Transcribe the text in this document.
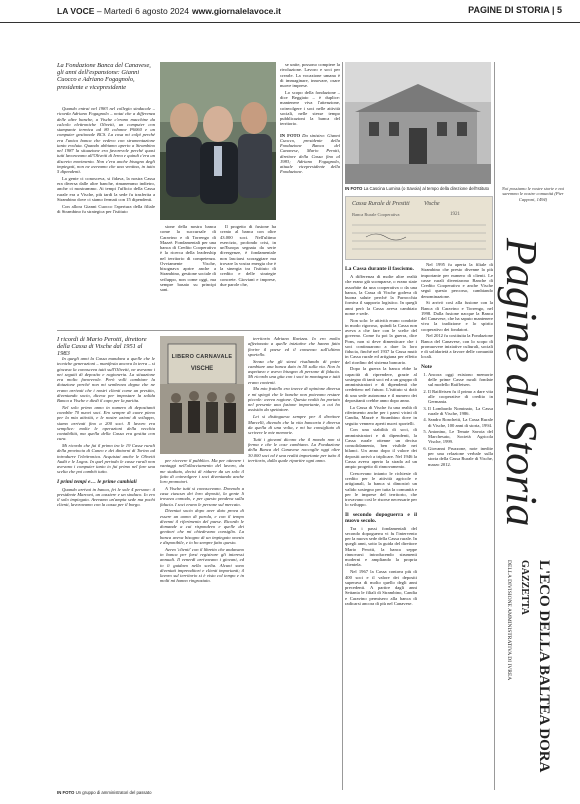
LA VOCE – Martedì 6 agosto 2024 www.giornalelavoce.it	PAGINE DI STORIA | 5
La Fondazione Banca del Canavese, gli anni dell'espansione: Gianni Cuocco e Adriano Fogagnolo, presidente e vicepresidente

Quando entrai nel 1983 nel collegio sindacale – ricorda Adriano Fogagnolo – notai che a differenza delle altre banche, a Vische c'erano macchine da calcolo elettroniche Olivetti, un computer con stampante termica ad 80 colonne P6060 e un computer gestionale BCS. La cosa mi colpì perché era l'unica banca che vedevo con strumentazione tanto evoluta. Quando abbiamo aperto a Strambino nel 1987 la situazione era favorevole perché quasi tutti lavoravano all'Olivetti di Ivrea e quindi c'era un discreto movimento. Non c'era anche bisogno degli impiegati, non ne avevamo che una ventina, in tutto 5 dipendenti.

La gente ci conosceva, si fidava, la nostra Cassa era diversa dalle altre banche, rimanemmo indietro, anche ci mostrammo. Ai tempi l'ufficio della Cassa rurale era a Vische, più tardi la sede fu trasferita a Strambino dove ci siamo fermati con 15 dipendenti.

Con allora Gianni Cuocco l'apertura della filiale di Strambino fu strategica per l'istituto

sione della nostra banca come la succursale di Caravino e di Torrengo di Mazzè. Fondamentali per una banca di Credito Cooperativo è la ricerca della leadership nel territorio di competenza. Ovviamente Vische, bisognava aprire anche a Strambino, gestione sociale di sviluppo, non come oggi, ma sempre basato su principi sani.

Il progetto di fusione ha creato al banca con oltre 43.000 soci. Nell'ultimo esercizio, profondo crisi, in un'Europa segnata da serie divergenze, è fondamentale non lasciarsi scoraggiare ma trovare la vostra energia che è la sinergia tra l'istituto di credito e delle strategie concrete. Gioviani e imprese, due parole che,

se unite, possono compiere la rivoluzione. Lavoro e soci per crearle. La vocazione umana è di immaginare, innovare, osare nuove imprese.

Lo scopo della fondazione – dice Beggiato – è duplice: mantenere viva l'attenzione, coinvolgere i soci nelle attività sociali, nelle stesse tempo pubblicazioni la banca del territorio.

IN FOTO Da sinistra: Gianni Cuocco, presidente della Fondazione Banca del Canavese, Mario Perotti, direttore della Cassa fino al 1983; Adriano Fogagnolo, attuale vicepresidente della Fondazione.

IN FOTO La Cascina Lumina (o Savoia) al tempo della direzione dell'Istituto
Cassa Rurale di Prestiti Vische
Banca Rurale Cooperativa	1921
La Cassa durante il fascismo.

A differenza di molte altre realtà che erano già scomparse, o erano state assorbite da una cooperativa o da una banca, la Cassa di Vische godeva di buona salute perché la Parrocchia forniva il supporto logistico. In quegli anni però la Cassa aveva cambiato nome e sede.

Non solo: le attività erano condotte in modo rigoroso, quindi la Cassa non aveva a che fare con le scelte del governo. Come fu poi la guerra, dice Pons, non si deve dimenticare che i soci continuarono a dare la loro fiducia, finché nel 1937 la Cassa mutò in Cassa rurale ed artigiana per effetto del riordino del sistema bancario.

Dopo la guerra la banca ebbe la capacità di riprendere, grazie al sostegno di tanti soci ed a un gruppo di amministratori e di dipendenti che credettero nel futuro. L'istituto si dotò di una sede autonoma e il numero dei depositanti crebbe anno dopo anno.

La Cassa di Vische fu una realtà di riferimento anche per i paesi vicini di Candia, Mazzè e Strambino dove in seguito vennero aperti nuovi sportelli.

Con una stabilità di soci, di amministratori e di dipendenti, la Cassa rurale ottenne un deciso consolidamento, ben visibile nei bilanci. Un anno dopo il valore dei depositi arrivò a triplicare. Nel 1946 la Cassa aveva aperto la strada ad un ampio progetto di rinnovamento.

Crescevano intanto le richieste di credito per le attività agricole e artigianali, la banca si dimostrò un valido sostegno per tutta la comunità e per le imprese del territorio, che trovavano così le risorse necessarie per lo sviluppo.

Il secondo dopoguerra e il nuovo secolo.

Tra i passi fondamentali del secondo dopoguerra vi fu l'intervento per la nuova sede della Cassa rurale. In quegli anni, sotto la guida del direttore Mario Perotti, la banca seppe rinnovarsi introducendo strumenti moderni e ampliando la propria clientela.

Nel 1967 la Cassa contava più di 400 soci e il valore dei depositi superava di molto quello degli anni precedenti. A partire dagli anni Settanta le filiali di Strambino, Candia e Caravino permisero alla banca di radicarsi ancora di più nel Canavese.

Nel 1995 fu aperta la filiale di Strambino che presto divenne la più importante per numero di clienti. Le casse rurali diventarono Banche di Credito Cooperativo e anche Vische seguì questo percorso, cambiando denominazione.

Si arrivò così alla fusione con la Banca di Caravino e Torrengo, nel 1998. Dalla fusione nacque la Banca del Canavese, che ha saputo mantenere viva la tradizione e lo spirito cooperativo dei fondatori.

Nel 2012 fu costituita la Fondazione Banca del Canavese, con lo scopo di promuovere iniziative culturali, sociali e di solidarietà a favore delle comunità locali.

Note
1. Ancora oggi esistono memorie delle prime Casse rurali fondate sul modello Raiffeisen.
2. Il Raiffeisen fu il primo a dare vita alle cooperative di credito in Germania.
3. Il Lombardo Nominato, La Cassa rurale di Vische, 1986.
4. Sandro Ronchetti, La Cassa Rurale di Vische, 100 anni di storia, 1994.
5. Antonino, Le Tenute Savoia del Marchesato, Società Agricola Vische, 1999.
6. Giovanni Pruzzone, note inedite per una relazione verbale sulla storia della Cassa Rurale di Vische, marzo 2012.
I ricordi di Mario Perotti, direttore della Cassa di Vische dal 1951 al 1983

In quegli anni la Cassa mandava a quelle che le tecniche generazioni – manifesta ancora la terra – si giocava la conosceva tutti sull'Olivetti, ne avevano i nei seguiti di deposito e ragioneria. La situazione era molto favorevole. Però volli cambiare la dotazione perché non mi sembrava degna che ne erano arrivati che i nostri clienti come un prestito, diventando socio, diceva per impostare la solida Banca a Vische e diedi il capo per la partita.

Nel solo primo anno in numero di depositanti conobbe 70 nuovi soci. Ero sempre di cuore pieno per la mia attività, e le nostre azioni di sviluppo, siamo arrivati fino a 200 soci. Il lavoro era semplice: molte le operazioni della vecchia contabilità, ma quella della Cassa era gestita con cura.

Mi ricordo che fui il primo tra le 19 Casse rurali della provincia di Cuneo e dei dintorni di Torino ad introdurre l'elettronica. Acquistai anche le Olivetti Audit e le Logos. In quel periodo le casse rurali non avevano i computer tanto io fui primo nel fare una scelta che poi cambiò tutto.

I primi tempi e… le prime cambiali

Quando arrivai in banca, fei le sole 4 persone: il presidente Marconi, un cassiere e un sindaco. Io ero il solo impiegato. Avevamo un'ampia sede ma pochi clienti, lavoravamo con la cassa per il borgo.

LIBERO CARNAVALE
VISCHE

territorio Adriano Ravizza. Io ero molto affezionato a quelle iniziative che hanno fatto fiorire il paese ed il consenso sull'ultimo sportello.

Senza che gli stessi risaltando di poter cambiare una banca dato in 50 sulla via. Non lo aspettavo e avevo bisogno di persone di fiducia. Mi ricordo una gita con i soci in montagna e tutti erano contenti.

Ma mio fratello era invece di opinione diversa e mi spiegò che le banche non potevano restare piccole: aveva ragione. Questa realtà ha portato nel presente una fusione importante, a cui ho assistito da spettatore.

Lei si distingueva sempre per il direttore Marcelli, dicendo che la vita bancaria è diversa da quella di una volta, e mi ha consigliato di scrivere le mie memorie.

Tutti i giovani dicono che il mondo non si ferma e che le cose cambiano. La Fondazione della Banca del Canavese raccoglie oggi oltre 30.000 soci ed è una realtà importante per tutto il territorio, dalla quale ripartire ogni anno.

per ricevere il pubblico. Ma per ottenere i vantaggi nell'allacciamento del lavoro, da me studiato, decisi di ridurre da un solo il fatto di coinvolgere i soci diventando anche loro promotori.

A Vische tutti si conoscevano. Dovendo a casa ciascun dei loro depositi, la gente li trovava comodo, e per questo pendeva sulla fiducia. I soci erano le persone sul mercato.

Diventai socio dopo aver dato prova di essere un uomo di parola, e con il tempo divenni il riferimento del paese. Ricordo le domande a cui rispondevo e quelle dei genitori che mi chiedevano consiglio. La banca aveva bisogno di un impiegato onesto e disponibile, e io ho sempre fatto questo.

Avevo 'clienti' con il libretto che andavano in banca per farsi registrare gli interessi annuali. Il venerdì arrivavano i giovani, ed io li guidavo nella scelta. Alcuni sono diventati imprenditori e clienti importanti; il lavoro sul territorio si è visto col tempo e in molti mi hanno ringraziato.

IN FOTO Un gruppo di amministratori del passato
Noi possiamo le vostre storie e noi saremmo le nostre comunità (Pier Capponi, 1494)
Pagine di Storia
L'ECO DELLA BALTEA DORA
GAZZETTA
DELLA DIVISIONE AMMINISTRATIVA DI IVREA
